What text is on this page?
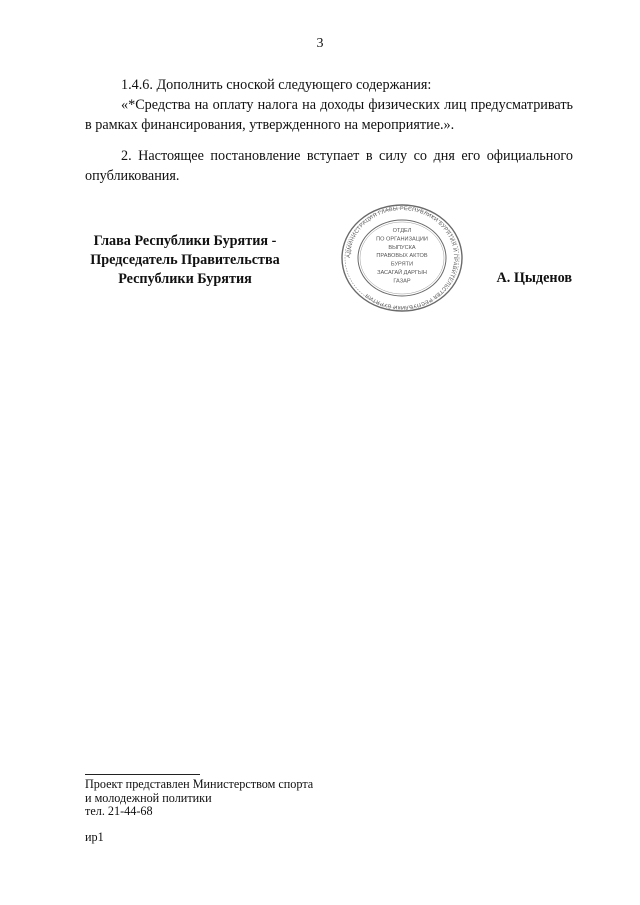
3

1.4.6. Дополнить сноской следующего содержания:

«*Средства на оплату налога на доходы физических лиц предусматривать в рамках финансирования, утвержденного на мероприятие.».

2. Настоящее постановление вступает в силу со дня его официального опубликования.

Глава Республики Бурятия -
Председатель Правительства
Республики Бурятия
АДМИНИСТРАЦИЯ ГЛАВЫ РЕСПУБЛИКИ БУРЯТИЯ И ПРАВИТЕЛЬСТВА РЕСПУБЛИКИ БУРЯТИЯ
ОТДЕЛ
ПО ОРГАНИЗАЦИИ
ВЫПУСКА
ПРАВОВЫХ АКТОВ
БУРЯТИ
ЗАСАГАЙ ДАРГЫН
ГАЗАР	А. Цыденов
Проект представлен Министерством спорта
и молодежной политики
тел. 21-44-68
ир1
